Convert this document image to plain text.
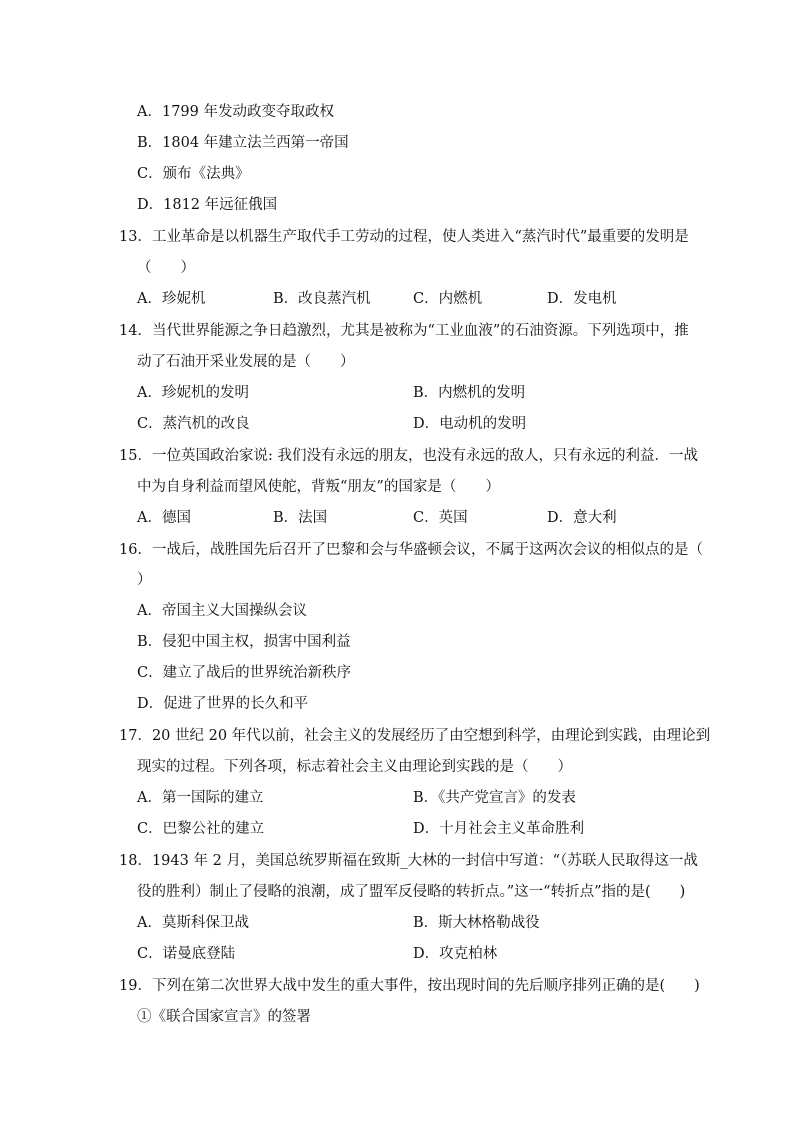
A．1799 年发动政变夺取政权
B．1804 年建立法兰西第一帝国
C．颁布《法典》
D．1812 年远征俄国
13．工业革命是以机器生产取代手工劳动的过程，使人类进入“蒸汽时代”最重要的发明是
（　　）
A．珍妮机	B．改良蒸汽机	C．内燃机	D．发电机
14．当代世界能源之争日趋激烈，尤其是被称为“工业血液”的石油资源。下列选项中，推
动了石油开采业发展的是（　　）
A．珍妮机的发明	B．内燃机的发明
C．蒸汽机的改良	D．电动机的发明
15．一位英国政治家说: 我们没有永远的朋友，也没有永远的敌人，只有永远的利益．一战
中为自身利益而望风使舵，背叛“朋友”的国家是（　　）
A．德国	B．法国	C．英国	D．意大利
16．一战后，战胜国先后召开了巴黎和会与华盛顿会议，不属于这两次会议的相似点的是（
）
A．帝国主义大国操纵会议
B．侵犯中国主权，损害中国利益
C．建立了战后的世界统治新秩序
D．促进了世界的长久和平
17．20 世纪 20 年代以前，社会主义的发展经历了由空想到科学，由理论到实践，由理论到
现实的过程。下列各项，标志着社会主义由理论到实践的是（　　）
A．第一国际的建立	B．《共产党宣言》的发表
C．巴黎公社的建立	D．十月社会主义革命胜利
18．1943 年 2 月，美国总统罗斯福在致斯_大林的一封信中写道：“（苏联人民取得这一战
役的胜利）制止了侵略的浪潮，成了盟军反侵略的转折点。”这一“转折点”指的是(　　)
A．莫斯科保卫战	B．斯大林格勒战役
C．诺曼底登陆	D．攻克柏林
19．下列在第二次世界大战中发生的重大事件，按出现时间的先后顺序排列正确的是(　　)
①《联合国家宣言》的签署
